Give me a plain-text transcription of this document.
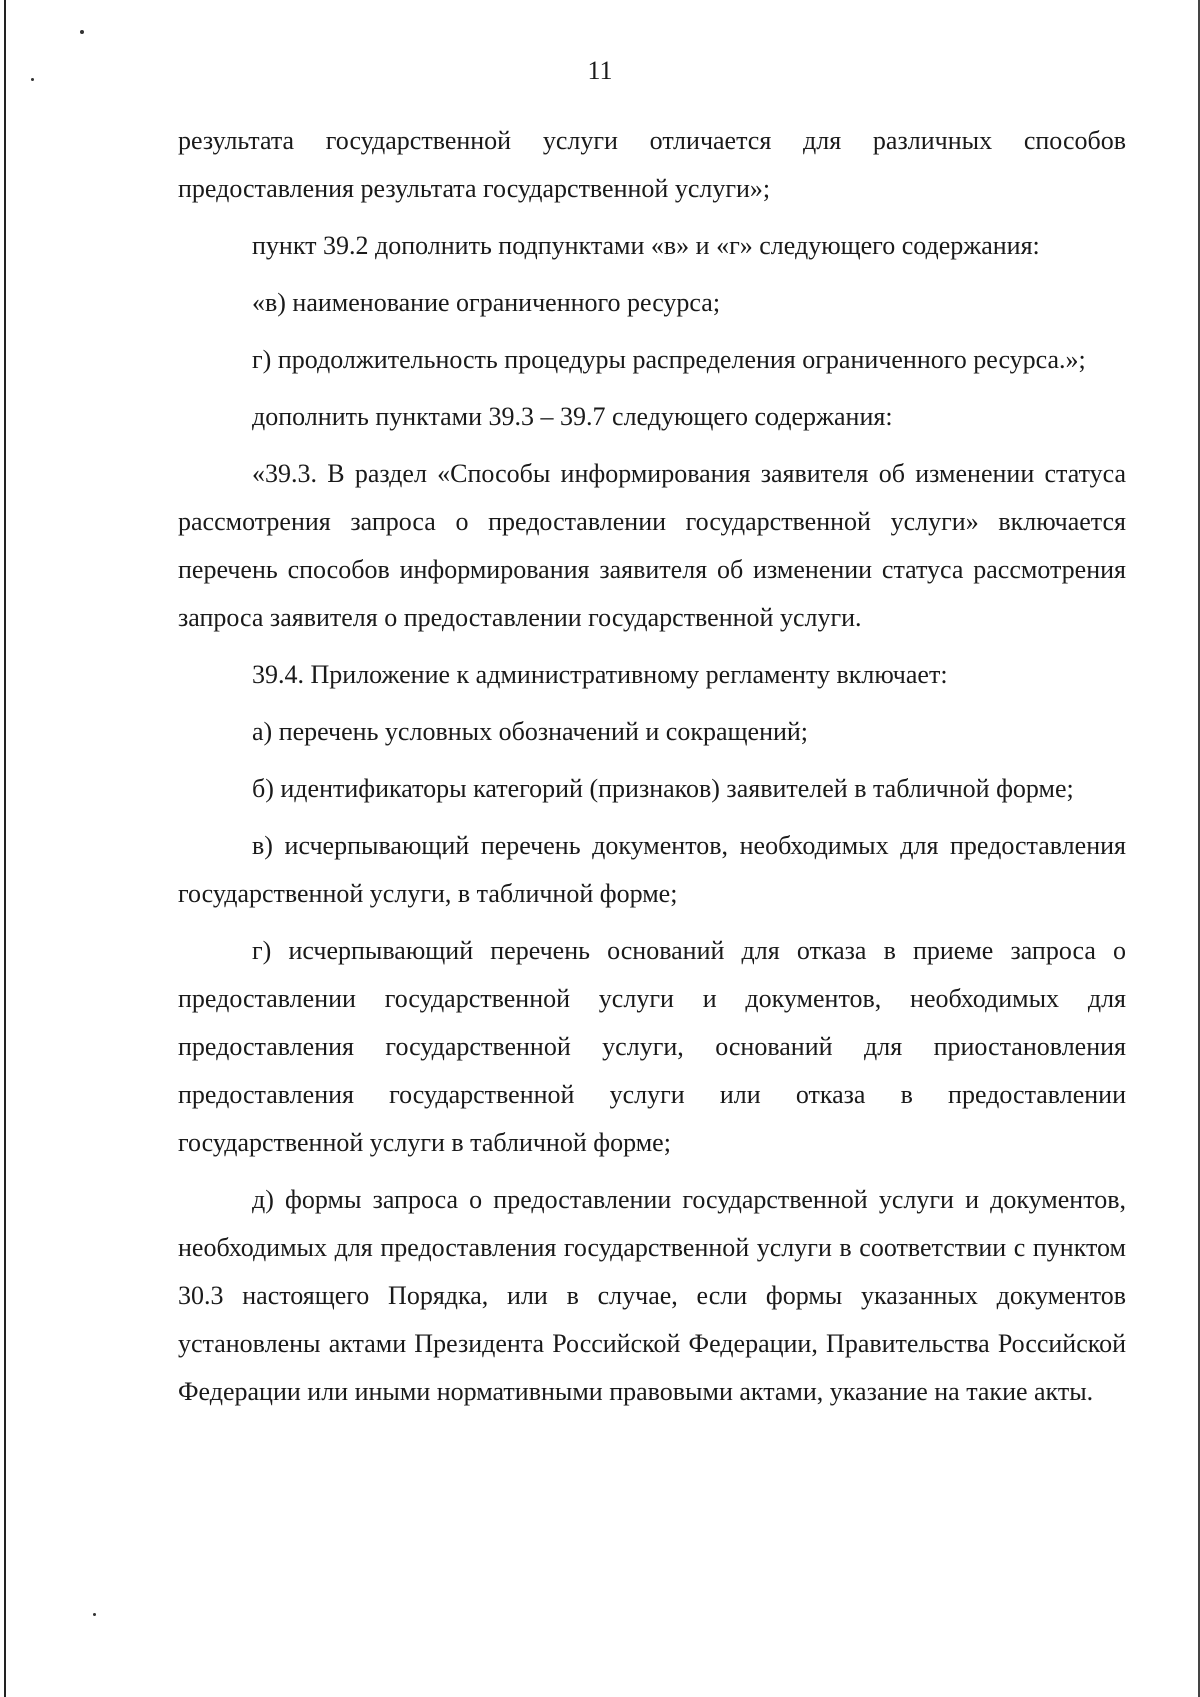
11

результата государственной услуги отличается для различных способов предоставления результата государственной услуги»;

пункт 39.2 дополнить подпунктами «в» и «г» следующего содержания:

«в) наименование ограниченного ресурса;

г) продолжительность процедуры распределения ограниченного ресурса.»;

дополнить пунктами 39.3 – 39.7 следующего содержания:

«39.3. В раздел «Способы информирования заявителя об изменении статуса рассмотрения запроса о предоставлении государственной услуги» включается перечень способов информирования заявителя об изменении статуса рассмотрения запроса заявителя о предоставлении государственной услуги.

39.4. Приложение к административному регламенту включает:

а) перечень условных обозначений и сокращений;

б) идентификаторы категорий (признаков) заявителей в табличной форме;

в) исчерпывающий перечень документов, необходимых для предоставления государственной услуги, в табличной форме;

г) исчерпывающий перечень оснований для отказа в приеме запроса о предоставлении государственной услуги и документов, необходимых для предоставления государственной услуги, оснований для приостановления предоставления государственной услуги или отказа в предоставлении государственной услуги в табличной форме;

д) формы запроса о предоставлении государственной услуги и документов, необходимых для предоставления государственной услуги в соответствии с пунктом 30.3 настоящего Порядка, или в случае, если формы указанных документов установлены актами Президента Российской Федерации, Правительства Российской Федерации или иными нормативными правовыми актами, указание на такие акты.
